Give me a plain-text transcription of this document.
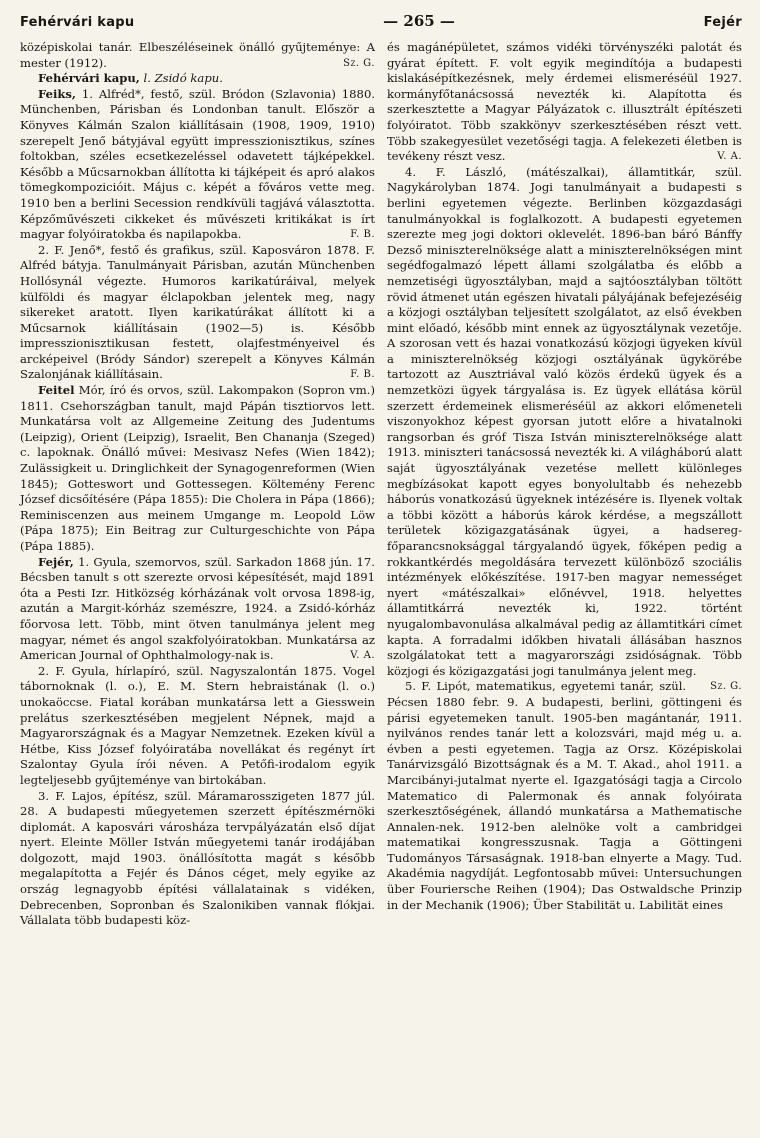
Fehérvári kapu	— 265 —	Fejér

középiskolai tanár. Elbeszéléseinek önálló gyűjteménye: A mester (1912).	Sz. G.

Fehérvári kapu, l. Zsidó kapu.

Feiks, 1. Alfréd*, festő, szül. Bródon (Szlavonia) 1880. Münchenben, Párisban és Londonban tanult. Először a Könyves Kálmán Szalon kiállításain (1908, 1909, 1910) szerepelt Jenő bátyjával együtt impresszionisztikus, színes foltokban, széles ecsetkezeléssel odavetett tájképekkel. Később a Műcsarnokban állította ki tájképeit és apró alakos tömegkompozicióit. Május c. képét a főváros vette meg. 1910 ben a berlini Secession rendkívüli tagjává választotta. Képzőművészeti cikkeket és művészeti kritikákat is írt magyar folyóiratokba és napilapokba.	F. B.

2. F. Jenő*, festő és grafikus, szül. Kaposváron 1878. F. Alfréd bátyja. Tanulmányait Párisban, azután Münchenben Hollósynál végezte. Humoros karikatúráival, melyek külföldi és magyar élclapokban jelentek meg, nagy sikereket aratott. Ilyen karikatúrákat állított ki a Műcsarnok kiállításain (1902—5) is. Később impresszionisztikusan festett, olajfestményeivel és arcképeivel (Bródy Sándor) szerepelt a Könyves Kálmán Szalonjának kiállításain.	F. B.

Feitel Mór, író és orvos, szül. Lakompakon (Sopron vm.) 1811. Csehországban tanult, majd Pápán tisztiorvos lett. Munkatársa volt az Allgemeine Zeitung des Judentums (Leipzig), Orient (Leipzig), Israelit, Ben Chananja (Szeged) c. lapoknak. Önálló művei: Mesivasz Nefes (Wien 1842); Zulässigkeit u. Dringlichkeit der Synagogenreformen (Wien 1845); Gotteswort und Gottessegen. Költemény Ferenc József dicsőítésére (Pápa 1855): Die Cholera in Pápa (1866); Reminiscenzen aus meinem Umgange m. Leopold Löw (Pápa 1875); Ein Beitrag zur Culturgeschichte von Pápa (Pápa 1885).

Fejér, 1. Gyula, szemorvos, szül. Sarkadon 1868 jún. 17. Bécsben tanult s ott szerezte orvosi képesítését, majd 1891 óta a Pesti Izr. Hitközség kórházának volt orvosa 1898-ig, azután a Margit-kórház szemészre, 1924. a Zsidó-kórház főorvosa lett. Több, mint ötven tanulmánya jelent meg magyar, német és angol szakfolyóiratokban. Munkatársa az American Journal of Ophthalmology-nak is.	V. A.

2. F. Gyula, hírlapíró, szül. Nagyszalontán 1875. Vogel tábornoknak (l. o.), E. M. Stern hebraistának (l. o.) unokaöccse. Fiatal korában munkatársa lett a Giesswein prelátus szerkesztésében megjelent Népnek, majd a Magyarországnak és a Magyar Nemzetnek. Ezeken kívül a Hétbe, Kiss József folyóiratába novellákat és regényt írt Szalontay Gyula írói néven. A Petőfi-irodalom egyik legteljesebb gyűjteménye van birtokában.

3. F. Lajos, építész, szül. Máramarosszigeten 1877 júl. 28. A budapesti műegyetemen szerzett építészmérnöki diplomát. A kaposvári városháza tervpályázatán első díjat nyert. Eleinte Möller István műegyetemi tanár irodájában dolgozott, majd 1903. önállósította magát s később megalapította a Fejér és Dános céget, mely egyike az ország legnagyobb építési vállalatainak s vidéken, Debrecenben, Sopronban és Szalonikiben vannak flókjai. Vállalata több budapesti köz-

és magánépületet, számos vidéki törvényszéki palotát és gyárat épített. F. volt egyik megindítója a budapesti kislakásépítkezésnek, mely érdemei elismeréséül 1927. kormányfőtanácsossá nevezték ki. Alapította és szerkesztette a Magyar Pályázatok c. illusztrált építészeti folyóiratot. Több szakkönyv szerkesztésében részt vett. Több szakegyesület vezetőségi tagja. A felekezeti életben is tevékeny részt vesz.	V. A.

4. F. László, (mátészalkai), államtitkár, szül. Nagykárolyban 1874. Jogi tanulmányait a budapesti s berlini egyetemen végezte. Berlinben közgazdasági tanulmányokkal is foglalkozott. A budapesti egyetemen szerezte meg jogi doktori oklevelét. 1896-ban báró Bánffy Dezső miniszterelnöksége alatt a miniszterelnökségen mint segédfogalmazó lépett állami szolgálatba és előbb a nemzetiségi ügyosztályban, majd a sajtóosztályban töltött rövid átmenet után egészen hivatali pályájának befejezéséig a közjogi osztályban teljesített szolgálatot, az első években mint előadó, később mint ennek az ügyosztálynak vezetője. A szorosan vett és hazai vonatkozású közjogi ügyeken kívül a miniszterelnökség közjogi osztályának ügykörébe tartozott az Ausztriával való közös érdekű ügyek és a nemzetközi ügyek tárgyalása is. Ez ügyek ellátása körül szerzett érdemeinek elismeréséül az akkori előmeneteli viszonyokhoz képest gyorsan jutott előre a hivatalnoki rangsorban és gróf Tisza István miniszterelnöksége alatt 1913. miniszteri tanácsossá nevezték ki. A világháború alatt saját ügyosztályának vezetése mellett különleges megbízásokat kapott egyes bonyolultabb és nehezebb háborús vonatkozású ügyeknek intézésére is. Ilyenek voltak a többi között a háborús károk kérdése, a megszállott területek közigazgatásának ügyei, a hadsereg-főparancsnoksággal tárgyalandó ügyek, főképen pedig a rokkantkérdés megoldására tervezett különböző szociális intézmények előkészítése. 1917-ben magyar nemességet nyert «mátészalkai» előnévvel, 1918. helyettes államtitkárrá nevezték ki, 1922. történt nyugalombavonulása alkalmával pedig az államtitkári címet kapta. A forradalmi időkben hivatali állásában hasznos szolgálatokat tett a magyarországi zsidóságnak. Több közjogi és közigazgatási jogi tanulmánya jelent meg.
Sz. G.

5. F. Lipót, matematikus, egyetemi tanár, szül. Pécsen 1880 febr. 9. A budapesti, berlini, göttingeni és párisi egyetemeken tanult. 1905-ben magántanár, 1911. nyilvános rendes tanár lett a kolozsvári, majd még u. a. évben a pesti egyetemen. Tagja az Orsz. Középiskolai Tanárvizsgáló Bizottságnak és a M. T. Akad., ahol 1911. a Marcibányi-jutalmat nyerte el. Igazgatósági tagja a Circolo Matematico di Palermonak és annak folyóirata szerkesztőségének, állandó munkatársa a Mathematische Annalen-nek. 1912-ben alelnöke volt a cambridgei matematikai kongresszusnak. Tagja a Göttingeni Tudományos Társaságnak. 1918-ban elnyerte a Magy. Tud. Akadémia nagydíját. Legfontosabb művei: Untersuchungen über Fouriersche Reihen (1904); Das Ostwaldsche Prinzip in der Mechanik (1906); Über Stabilität u. Labilität eines
